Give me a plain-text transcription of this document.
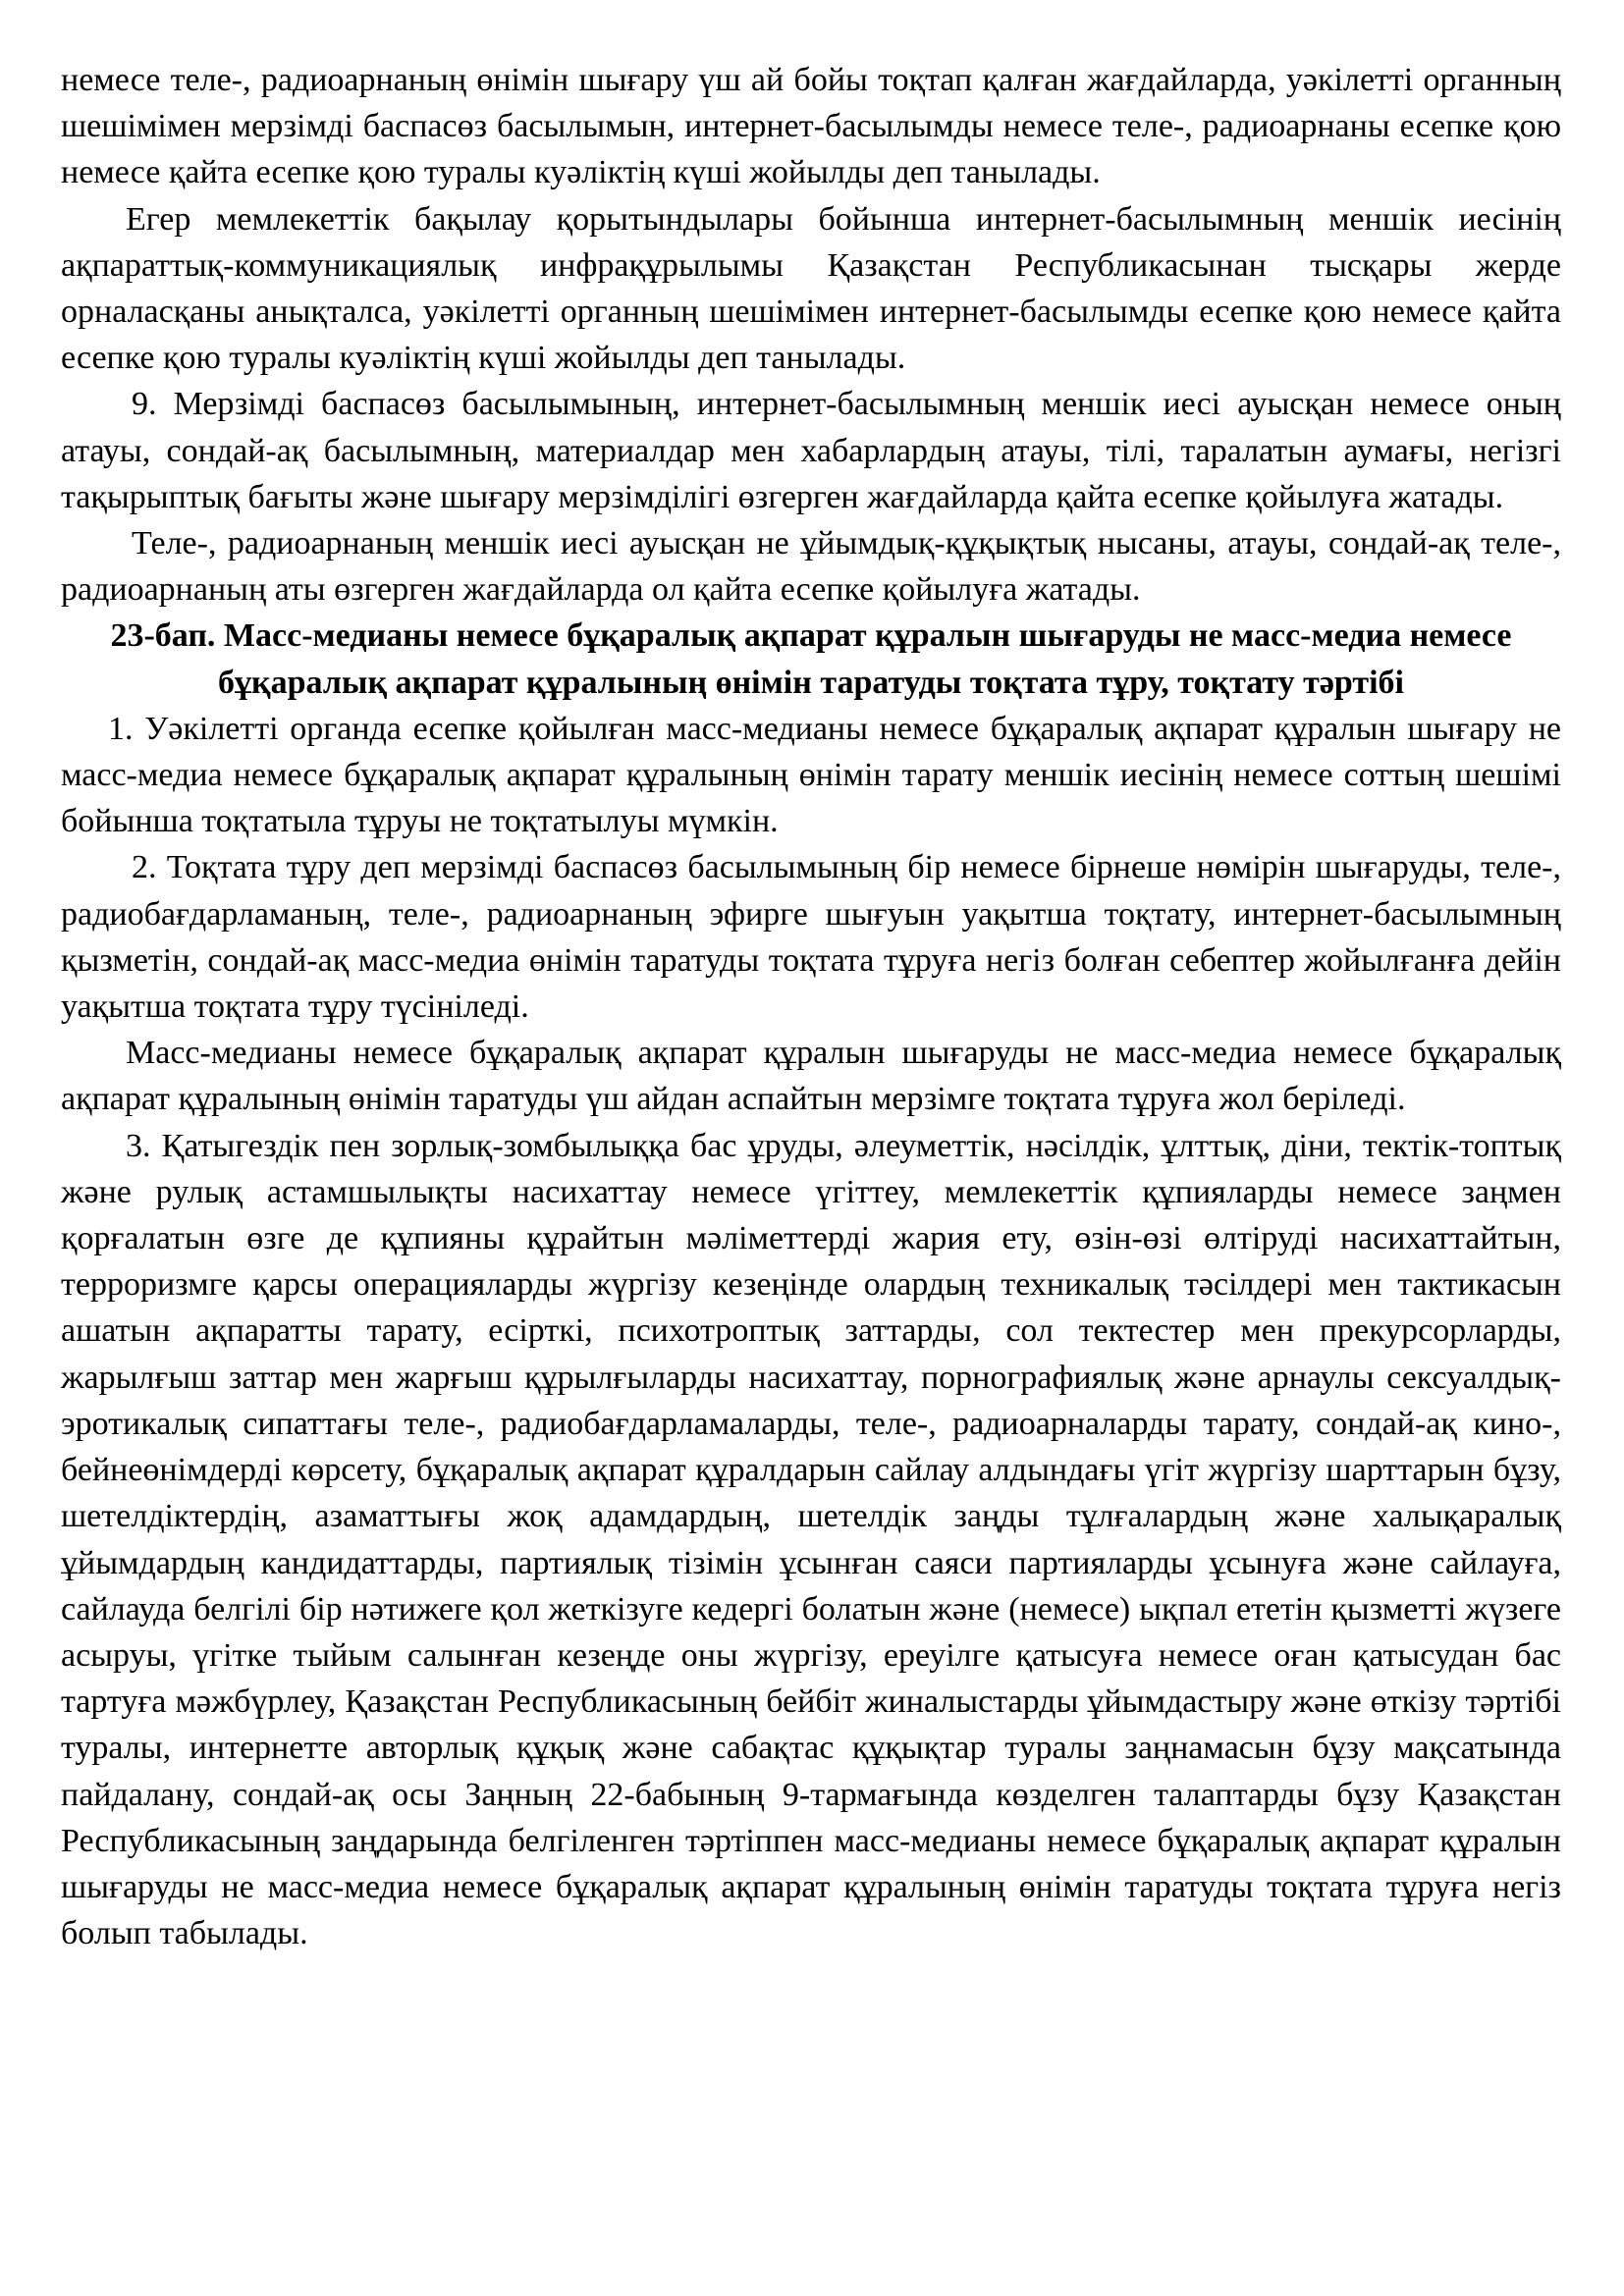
немесе теле-, радиоарнаның өнімін шығару үш ай бойы тоқтап қалған жағдайларда, уәкілетті органның шешімімен мерзімді баспасөз басылымын, интернет-басылымды немесе теле-, радиоарнаны есепке қою немесе қайта есепке қою туралы куәліктің күші жойылды деп танылады.

Егер мемлекеттік бақылау қорытындылары бойынша интернет-басылымның меншік иесінің ақпараттық-коммуникациялық инфрақұрылымы Қазақстан Республикасынан тысқары жерде орналасқаны анықталса, уәкілетті органның шешімімен интернет-басылымды есепке қою немесе қайта есепке қою туралы куәліктің күші жойылды деп танылады.

9. Мерзімді баспасөз басылымының, интернет-басылымның меншік иесі ауысқан немесе оның атауы, сондай-ақ басылымның, материалдар мен хабарлардың атауы, тілі, таралатын аумағы, негізгі тақырыптық бағыты және шығару мерзімділігі өзгерген жағдайларда қайта есепке қойылуға жатады.

Теле-, радиоарнаның меншік иесі ауысқан не ұйымдық-құқықтық нысаны, атауы, сондай-ақ теле-, радиоарнаның аты өзгерген жағдайларда ол қайта есепке қойылуға жатады.

23-бап. Масс-медианы немесе бұқаралық ақпарат құралын шығаруды не масс-медиа немесе бұқаралық ақпарат құралының өнімін таратуды тоқтата тұру, тоқтату тәртібі

1. Уәкілетті органда есепке қойылған масс-медианы немесе бұқаралық ақпарат құралын шығару не масс-медиа немесе бұқаралық ақпарат құралының өнімін тарату меншік иесінің немесе соттың шешімі бойынша тоқтатыла тұруы не тоқтатылуы мүмкін.

2. Тоқтата тұру деп мерзімді баспасөз басылымының бір немесе бірнеше нөмірін шығаруды, теле-, радиобағдарламаның, теле-, радиоарнаның эфирге шығуын уақытша тоқтату, интернет-басылымның қызметін, сондай-ақ масс-медиа өнімін таратуды тоқтата тұруға негіз болған себептер жойылғанға дейін уақытша тоқтата тұру түсініледі.

Масс-медианы немесе бұқаралық ақпарат құралын шығаруды не масс-медиа немесе бұқаралық ақпарат құралының өнімін таратуды үш айдан аспайтын мерзімге тоқтата тұруға жол беріледі.

3. Қатыгездік пен зорлық-зомбылыққа бас ұруды, әлеуметтік, нәсілдік, ұлттық, діни, тектік-топтық және рулық астамшылықты насихаттау немесе үгіттеу, мемлекеттік құпияларды немесе заңмен қорғалатын өзге де құпияны құрайтын мәліметтерді жария ету, өзін-өзі өлтіруді насихаттайтын, терроризмге қарсы операцияларды жүргізу кезеңінде олардың техникалық тәсілдері мен тактикасын ашатын ақпаратты тарату, есірткі, психотроптық заттарды, сол тектестер мен прекурсорларды, жарылғыш заттар мен жарғыш құрылғыларды насихаттау, порнографиялық және арнаулы сексуалдық-эротикалық сипаттағы теле-, радиобағдарламаларды, теле-, радиоарналарды тарату, сондай-ақ кино-, бейнеөнімдерді көрсету, бұқаралық ақпарат құралдарын сайлау алдындағы үгіт жүргізу шарттарын бұзу, шетелдіктердің, азаматтығы жоқ адамдардың, шетелдік заңды тұлғалардың және халықаралық ұйымдардың кандидаттарды, партиялық тізімін ұсынған саяси партияларды ұсынуға және сайлауға, сайлауда белгілі бір нәтижеге қол жеткізуге кедергі болатын және (немесе) ықпал ететін қызметті жүзеге асыруы, үгітке тыйым салынған кезеңде оны жүргізу, ереуілге қатысуға немесе оған қатысудан бас тартуға мәжбүрлеу, Қазақстан Республикасының бейбіт жиналыстарды ұйымдастыру және өткізу тәртібі туралы, интернетте авторлық құқық және сабақтас құқықтар туралы заңнамасын бұзу мақсатында пайдалану, сондай-ақ осы Заңның 22-бабының 9-тармағында көзделген талаптарды бұзу Қазақстан Республикасының заңдарында белгіленген тәртіппен масс-медианы немесе бұқаралық ақпарат құралын шығаруды не масс-медиа немесе бұқаралық ақпарат құралының өнімін таратуды тоқтата тұруға негіз болып табылады.
